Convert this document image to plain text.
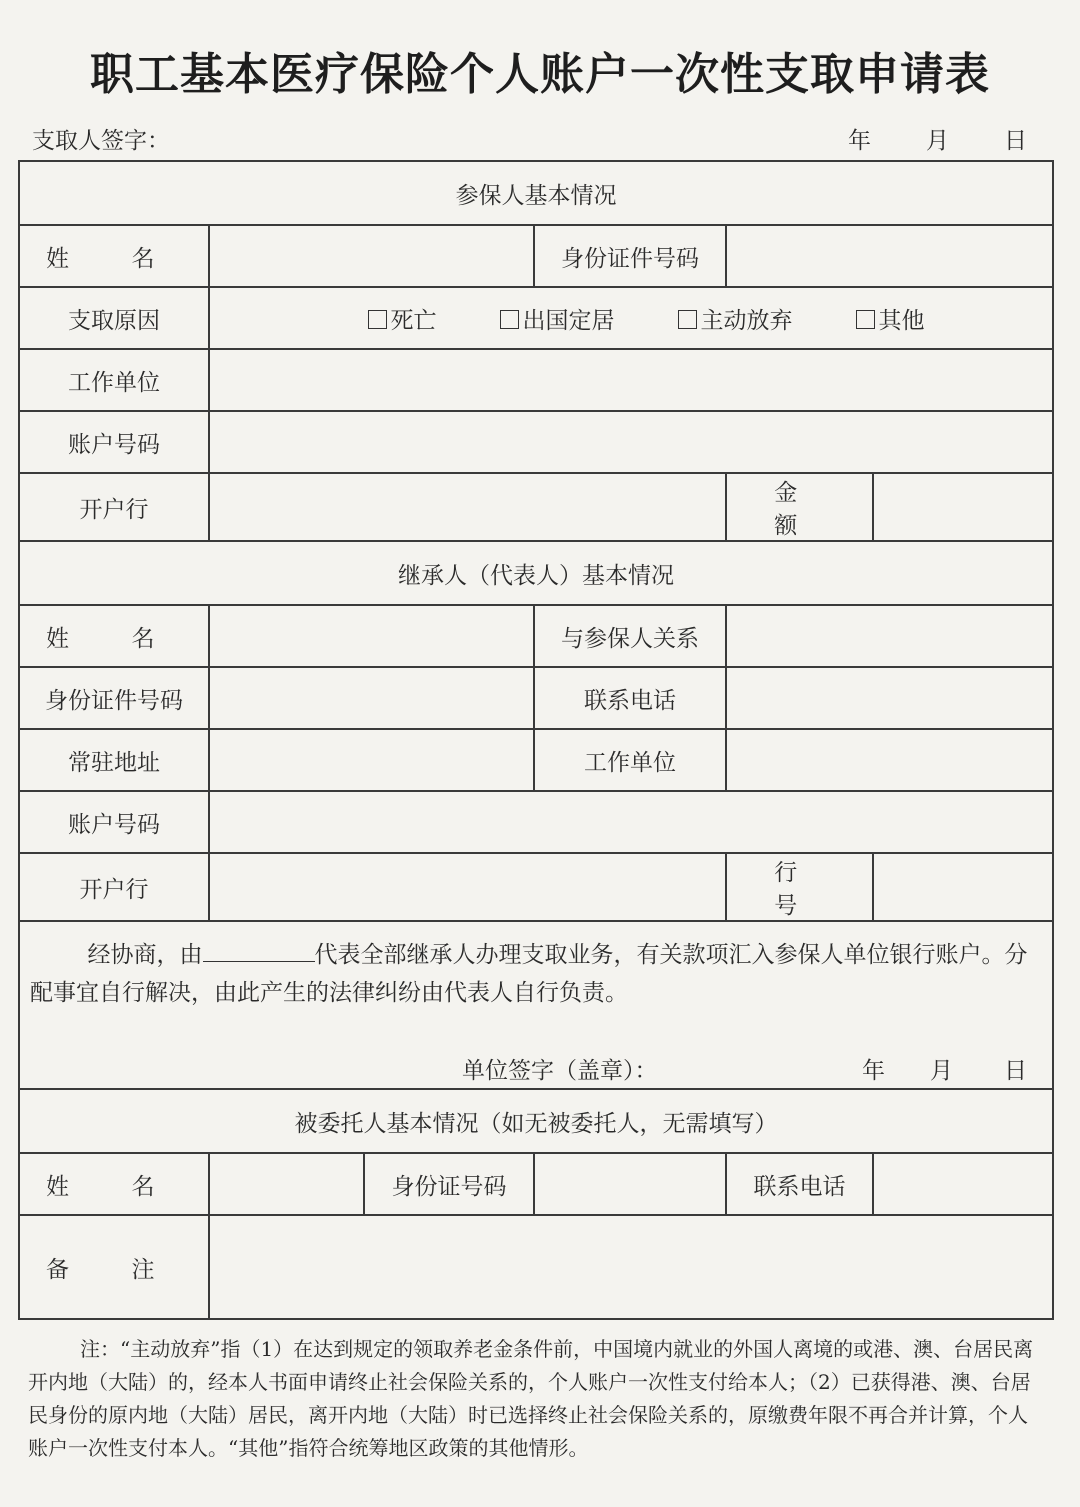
职工基本医疗保险个人账户一次性支取申请表
支取人签字：	年 月 日
参保人基本情况					
姓 名			身份证件号码		
支取原因	死亡 出国定居 主动放弃 其他				

工作单位					
账户号码					
开户行				金 额	
继承人（代表人）基本情况					
姓 名			与参保人关系		
身份证件号码			联系电话		
常驻地址			工作单位		
账户号码					
开户行				行 号	

经协商，由 代表全部继承人办理支取业务，有关款项汇入参保人单位银行账户。分配事宜自行解决，由此产生的法律纠纷由代表人自行负责。
单位签字（盖章）： 年 月 日					

被委托人基本情况（如无被委托人，无需填写）					
姓 名		身份证号码		联系电话	
备 注					
注：“主动放弃”指（1）在达到规定的领取养老金条件前，中国境内就业的外国人离境的或港、澳、台居民离开内地（大陆）的，经本人书面申请终止社会保险关系的，个人账户一次性支付给本人；（2）已获得港、澳、台居民身份的原内地（大陆）居民，离开内地（大陆）时已选择终止社会保险关系的，原缴费年限不再合并计算，个人账户一次性支付本人。“其他”指符合统筹地区政策的其他情形。
